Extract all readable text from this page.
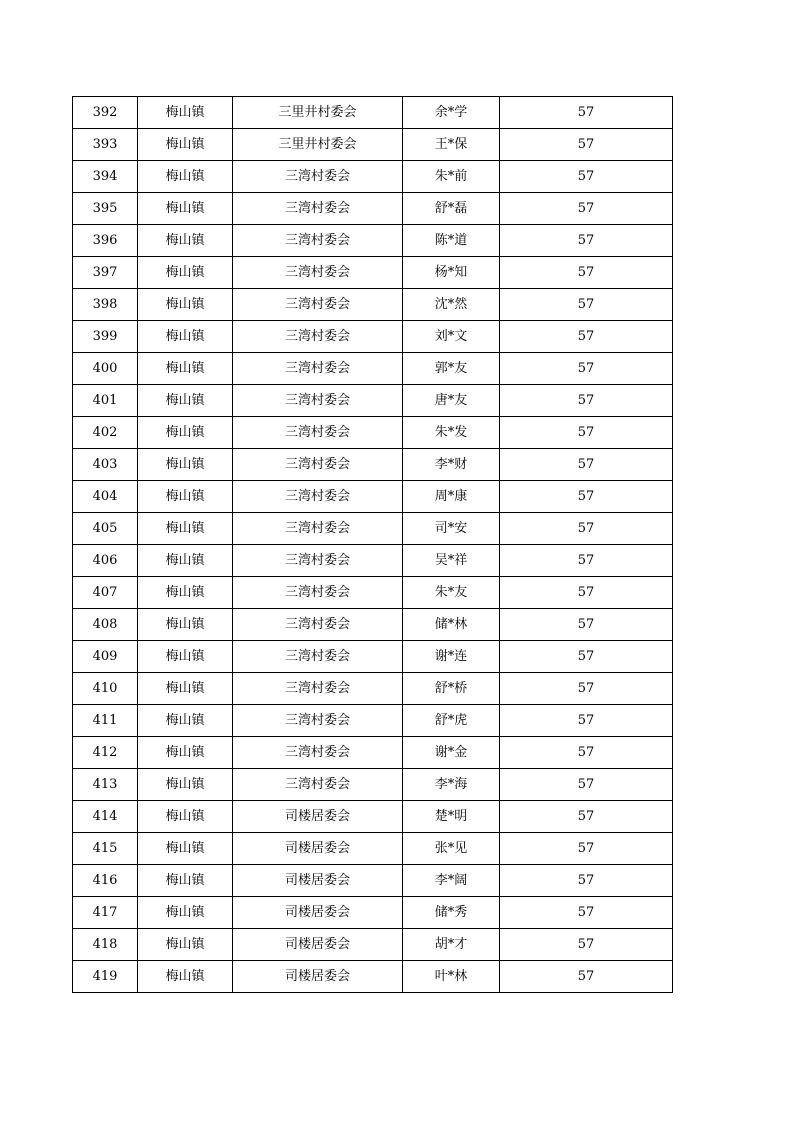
392	梅山镇	三里井村委会	余*学	57
393	梅山镇	三里井村委会	王*保	57
394	梅山镇	三湾村委会	朱*前	57
395	梅山镇	三湾村委会	舒*磊	57
396	梅山镇	三湾村委会	陈*道	57
397	梅山镇	三湾村委会	杨*知	57
398	梅山镇	三湾村委会	沈*然	57
399	梅山镇	三湾村委会	刘*文	57
400	梅山镇	三湾村委会	郭*友	57
401	梅山镇	三湾村委会	唐*友	57
402	梅山镇	三湾村委会	朱*发	57
403	梅山镇	三湾村委会	李*财	57
404	梅山镇	三湾村委会	周*康	57
405	梅山镇	三湾村委会	司*安	57
406	梅山镇	三湾村委会	吴*祥	57
407	梅山镇	三湾村委会	朱*友	57
408	梅山镇	三湾村委会	储*林	57
409	梅山镇	三湾村委会	谢*连	57
410	梅山镇	三湾村委会	舒*桥	57
411	梅山镇	三湾村委会	舒*虎	57
412	梅山镇	三湾村委会	谢*金	57
413	梅山镇	三湾村委会	李*海	57
414	梅山镇	司楼居委会	楚*明	57
415	梅山镇	司楼居委会	张*见	57
416	梅山镇	司楼居委会	李*阔	57
417	梅山镇	司楼居委会	储*秀	57
418	梅山镇	司楼居委会	胡*才	57
419	梅山镇	司楼居委会	叶*林	57
